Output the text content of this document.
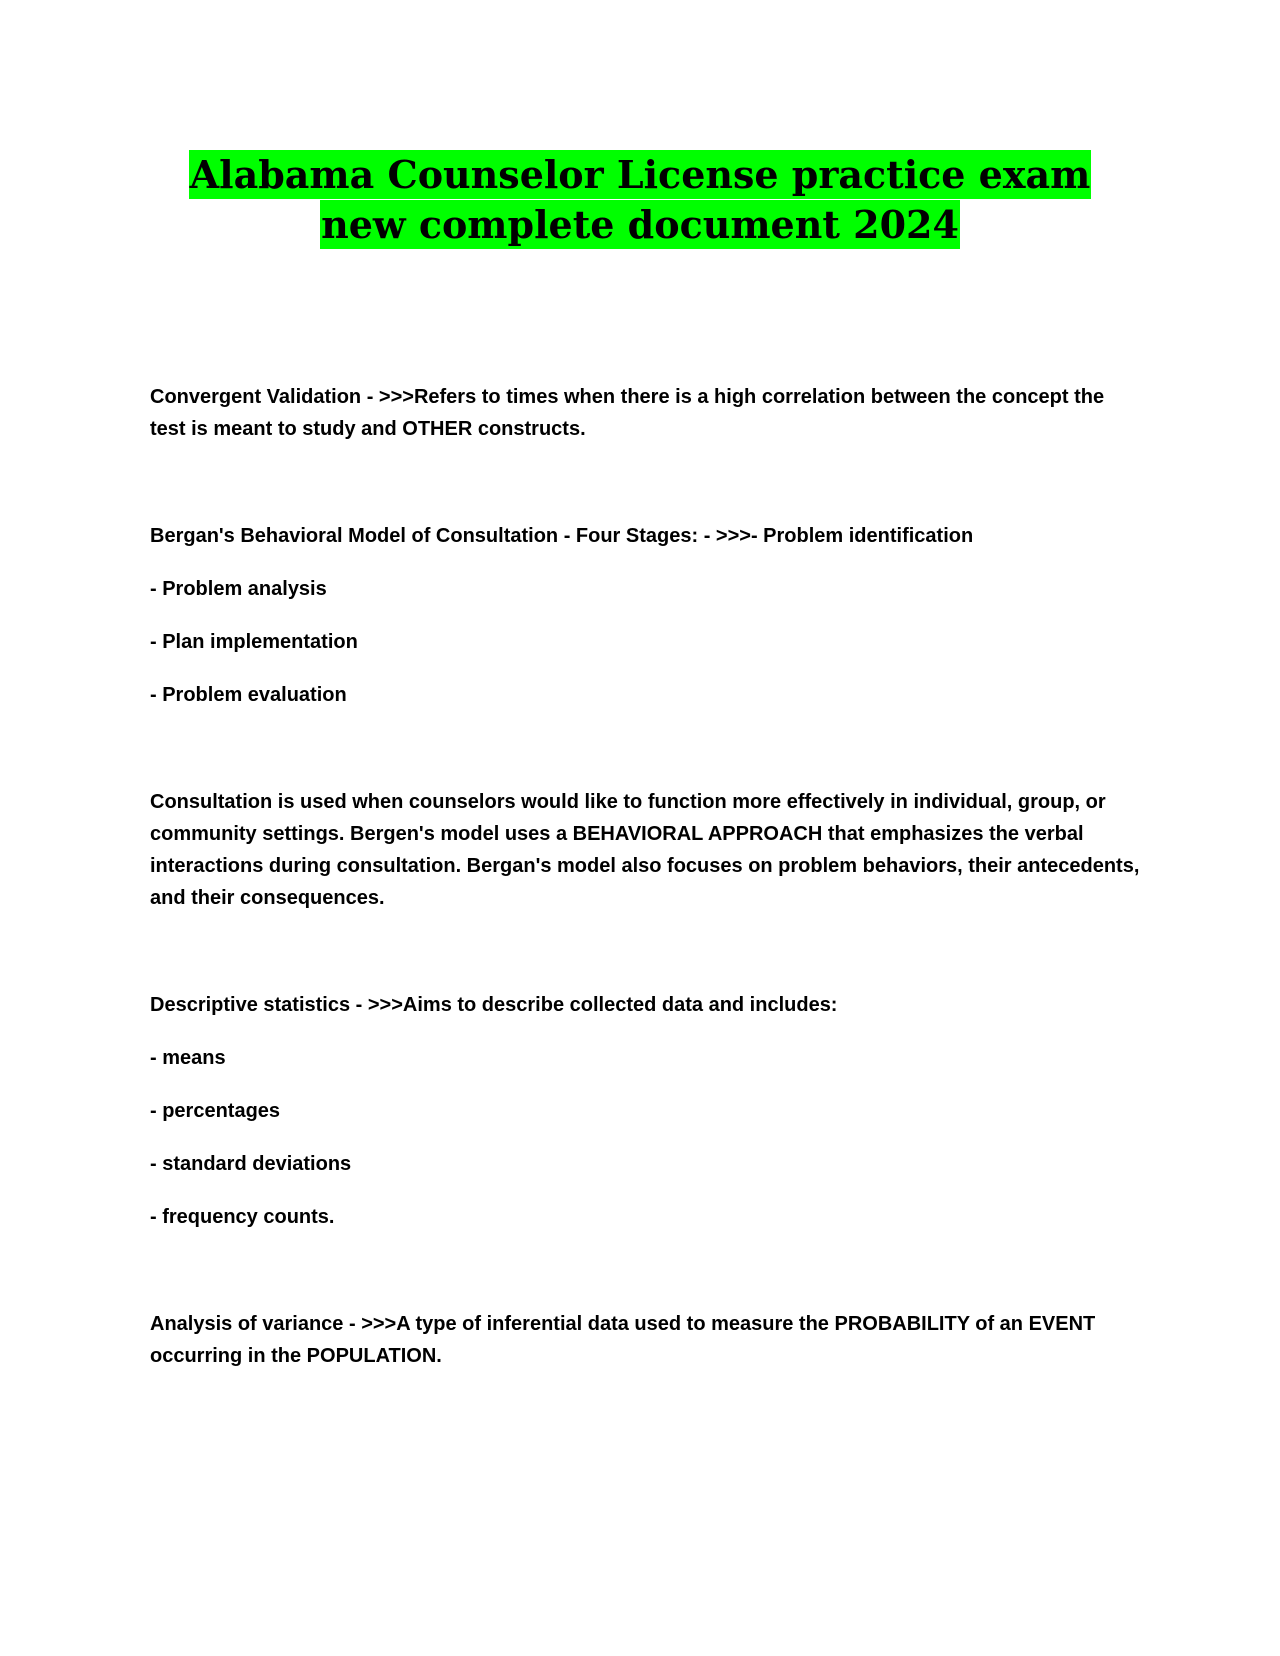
Alabama Counselor License practice exam
new complete document 2024

Convergent Validation - >>>Refers to times when there is a high correlation between the concept the test is meant to study and OTHER constructs.

Bergan's Behavioral Model of Consultation - Four Stages: - >>>- Problem identification

- Problem analysis

- Plan implementation

- Problem evaluation

Consultation is used when counselors would like to function more effectively in individual, group, or community settings. Bergen's model uses a BEHAVIORAL APPROACH that emphasizes the verbal interactions during consultation. Bergan's model also focuses on problem behaviors, their antecedents, and their consequences.

Descriptive statistics - >>>Aims to describe collected data and includes:

- means

- percentages

- standard deviations

- frequency counts.

Analysis of variance - >>>A type of inferential data used to measure the PROBABILITY of an EVENT occurring in the POPULATION.
